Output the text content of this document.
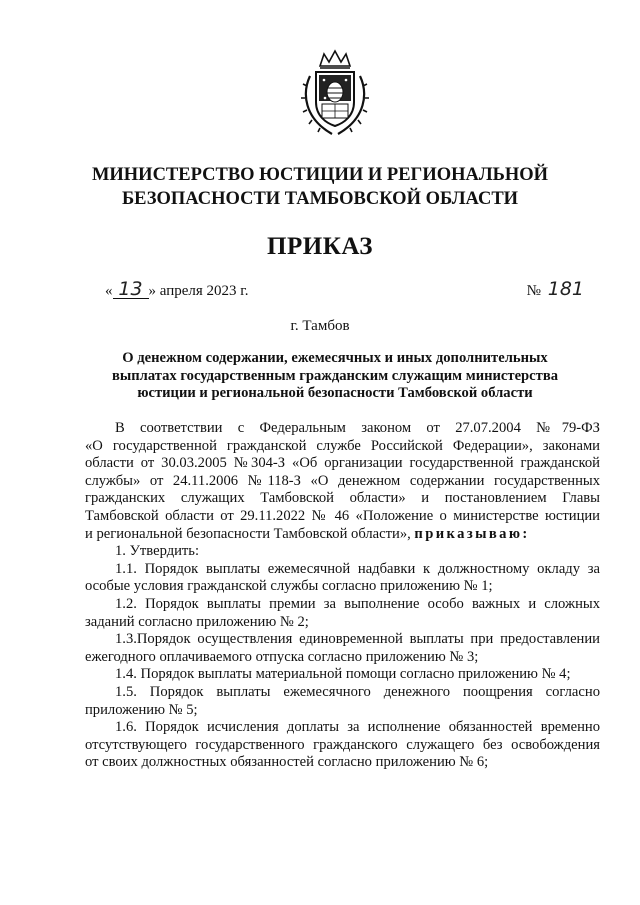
МИНИСТЕРСТВО ЮСТИЦИИ И РЕГИОНАЛЬНОЙ
БЕЗОПАСНОСТИ ТАМБОВСКОЙ ОБЛАСТИ
ПРИКАЗ
« 13 » апреля 2023 г.	№ 181
г. Тамбов
О денежном содержании, ежемесячных и иных дополнительных
выплатах государственным гражданским служащим министерства
юстиции и региональной безопасности Тамбовской области
В соответствии с Федеральным законом от 27.07.2004 №79-ФЗ
«О государственной гражданской службе Российской Федерации», законами
области от 30.03.2005 №304-З «Об организации государственной гражданской
службы» от 24.11.2006 №118-З «О денежном содержании государственных
гражданских служащих Тамбовской области» и постановлением Главы
Тамбовской области от 29.11.2022 № 46 «Положение о министерстве юстиции
и региональной безопасности Тамбовской области», приказываю:
1. Утвердить:
1.1. Порядок выплаты ежемесячной надбавки к должностному окладу за
особые условия гражданской службы согласно приложению № 1;
1.2. Порядок выплаты премии за выполнение особо важных и сложных
заданий согласно приложению № 2;
1.3.Порядок осуществления единовременной выплаты при предоставлении
ежегодного оплачиваемого отпуска согласно приложению № 3;
1.4. Порядок выплаты материальной помощи согласно приложению № 4;
1.5. Порядок выплаты ежемесячного денежного поощрения согласно
приложению № 5;
1.6. Порядок исчисления доплаты за исполнение обязанностей временно
отсутствующего государственного гражданского служащего без освобождения
от своих должностных обязанностей согласно приложению № 6;
